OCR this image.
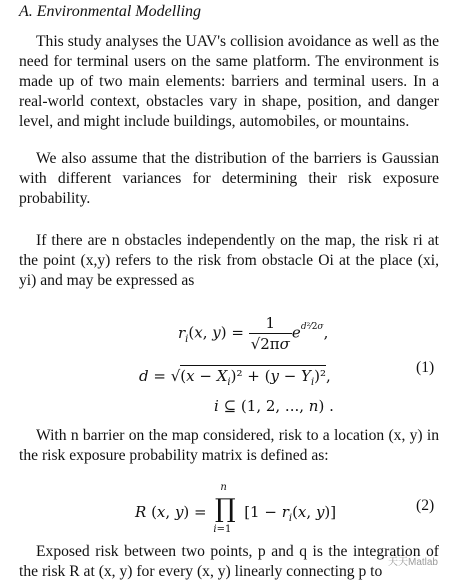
A. Environmental Modelling
This study analyses the UAV's collision avoidance as well as the need for terminal users on the same platform. The environment is made up of two main elements: barriers and terminal users. In a real-world context, obstacles vary in shape, position, and danger level, and might include buildings, automobiles, or mountains.
We also assume that the distribution of the barriers is Gaussian with different variances for determining their risk exposure probability.
If there are n obstacles independently on the map, the risk ri at the point (x,y) refers to the risk from obstacle Oi at the place (xi, yi) and may be expressed as
$r_i(x$, $y) = \frac{1}{√2\pi\sigma} e^{d^2⁄2\sigma}$,
$d = √(x - X_i)^2 + (y - Y_i)^2$,
i ⊆ (1, 2, ..., n) .
(1)
With n barrier on the map considered, risk to a location (x, y) in the risk exposure probability matrix is defined as:
R (x, y) =
n
∏
i=1
[$1 - r_i(x$, y)]	(2)
Exposed risk between two points, p and q is the integration of the risk R at (x, y) for every (x, y) linearly connecting p to
天天Matlab
